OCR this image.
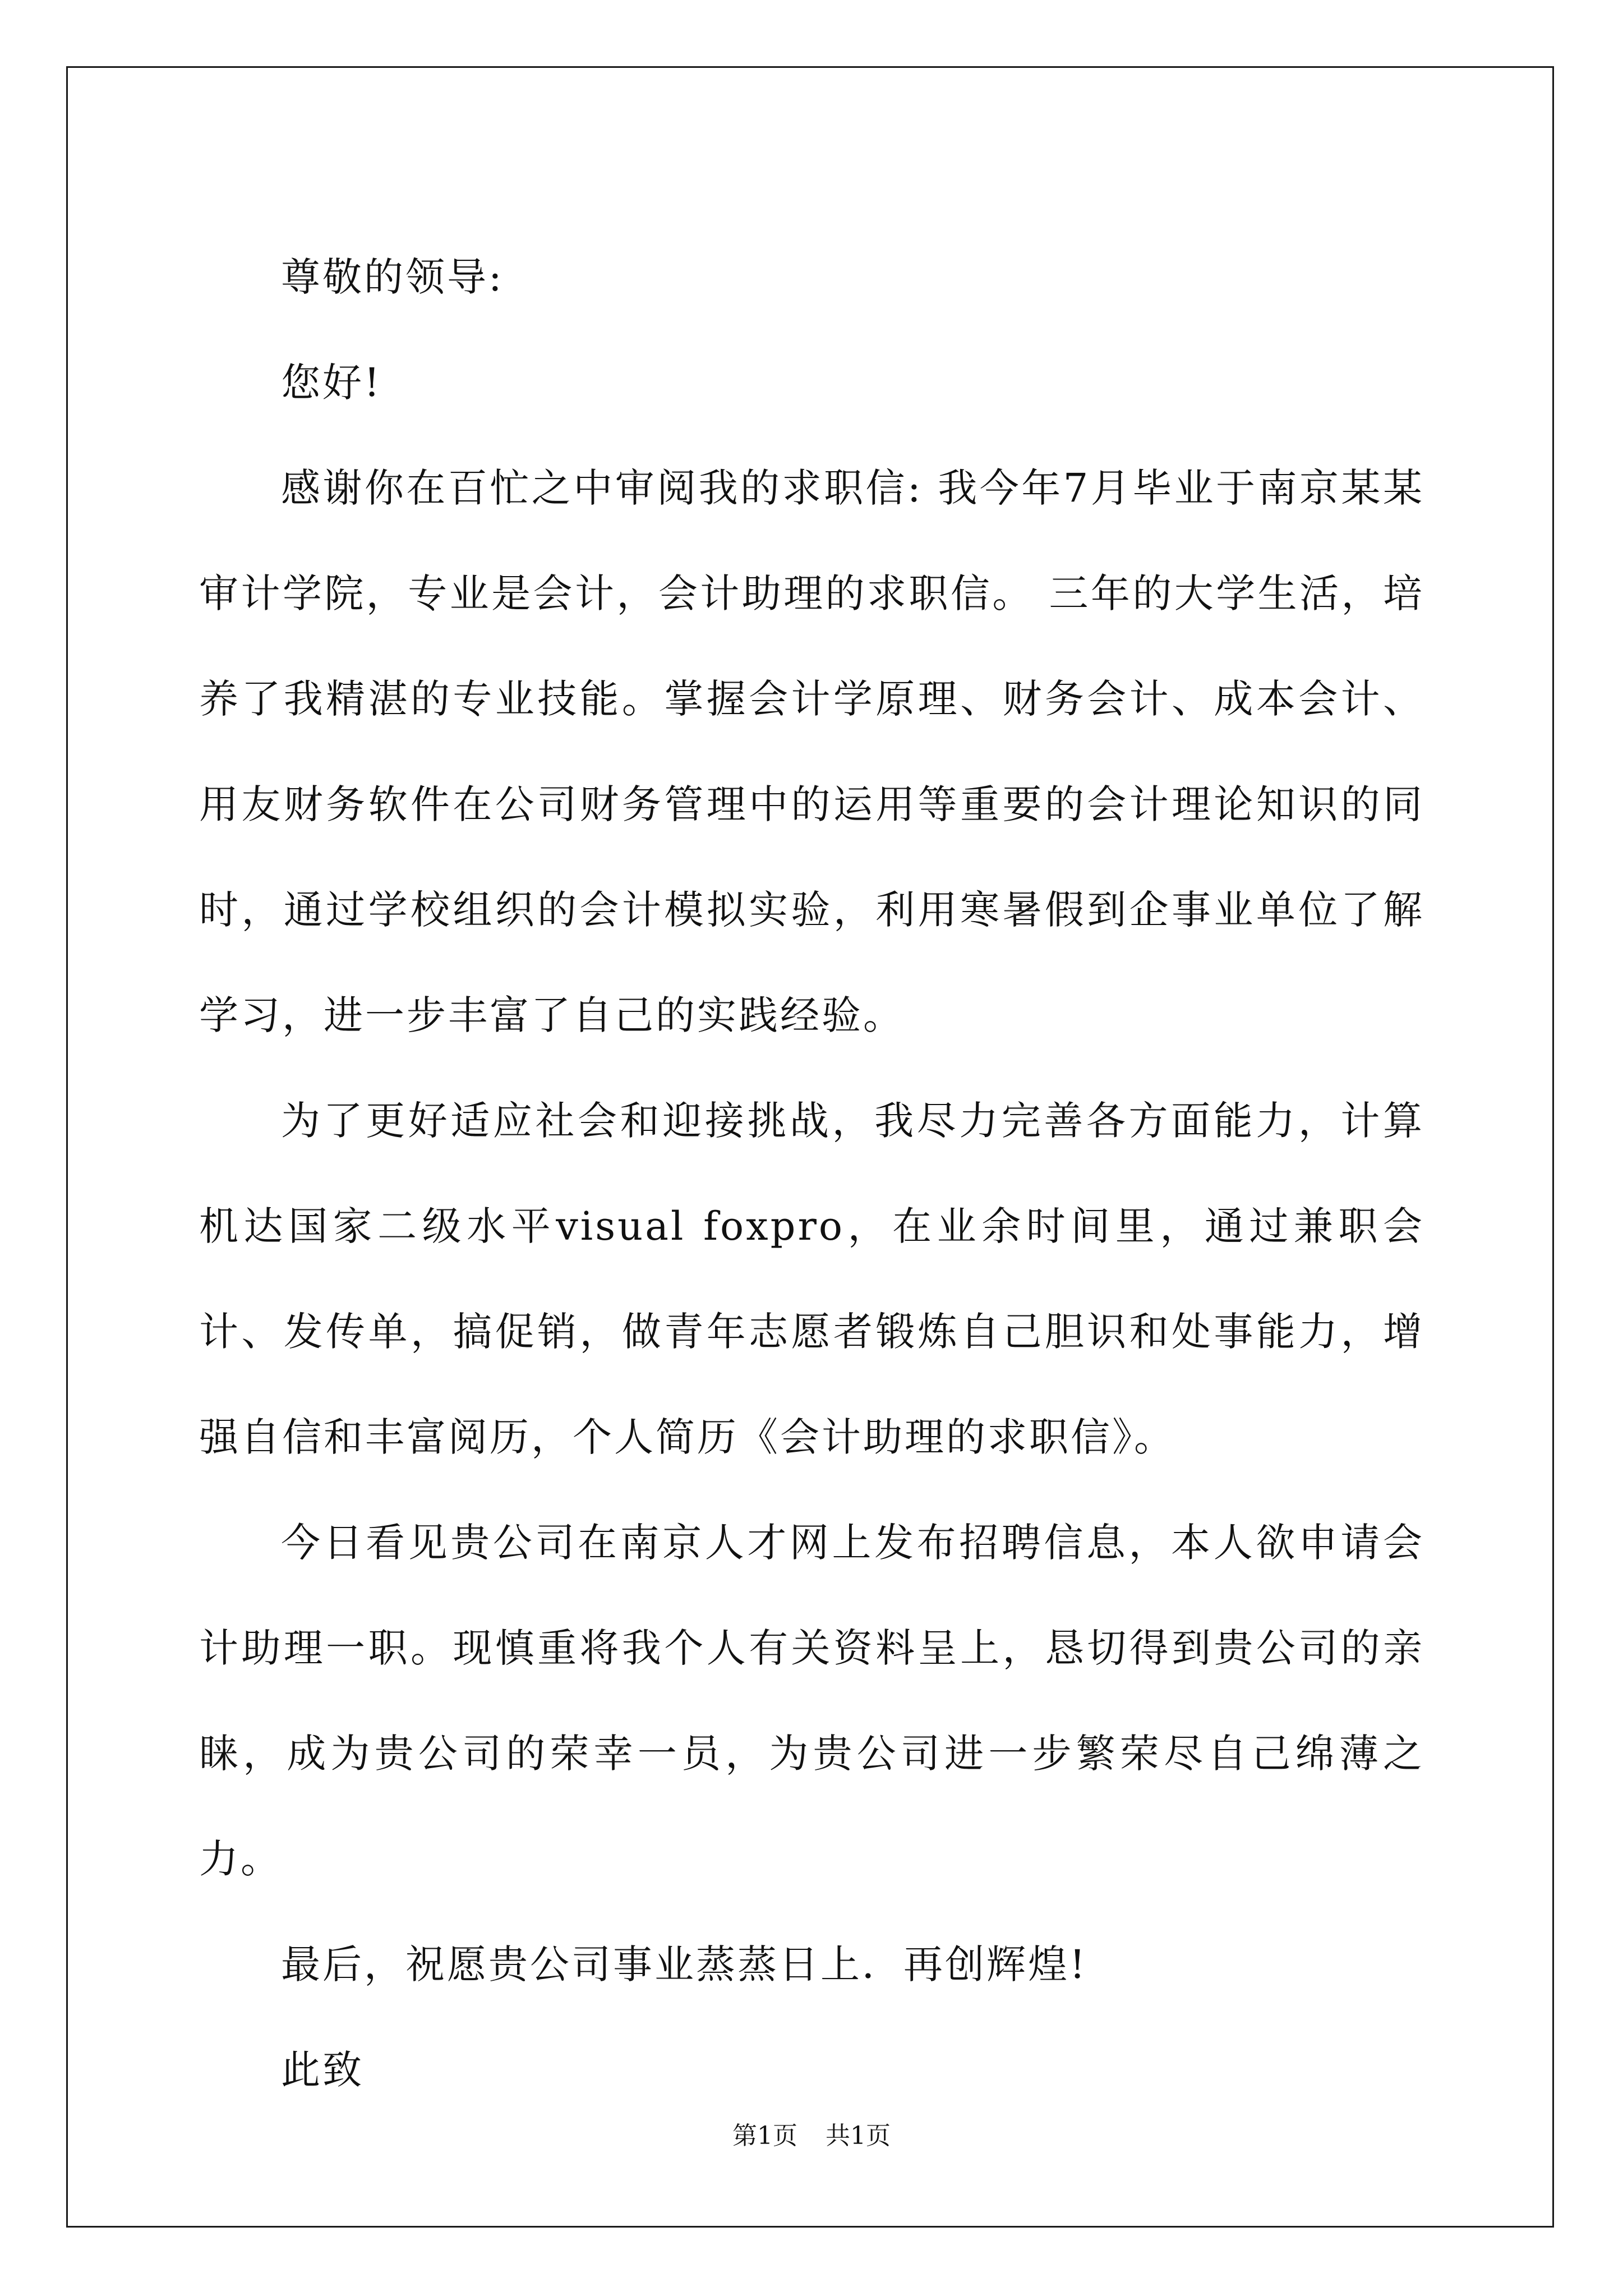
尊敬的领导:

您好!

感谢你在百忙之中审阅我的求职信: 我今年7月毕业于南京某某审计学院，专业是会计，会计助理的求职信。 三年的大学生活，培养了我精湛的专业技能。掌握会计学原理、财务会计、成本会计、用友财务软件在公司财务管理中的运用等重要的会计理论知识的同时，通过学校组织的会计模拟实验，利用寒暑假到企事业单位了解学习，进一步丰富了自己的实践经验。

为了更好适应社会和迎接挑战，我尽力完善各方面能力，计算机达国家二级水平visual foxpro，在业余时间里，通过兼职会计、发传单，搞促销，做青年志愿者锻炼自己胆识和处事能力，增强自信和丰富阅历，个人简历《会计助理的求职信》。

今日看见贵公司在南京人才网上发布招聘信息，本人欲申请会计助理一职。现慎重将我个人有关资料呈上，恳切得到贵公司的亲睐，成为贵公司的荣幸一员，为贵公司进一步繁荣尽自己绵薄之力。

最后，祝愿贵公司事业蒸蒸日上．再创辉煌!

此致

第1页 共1页
